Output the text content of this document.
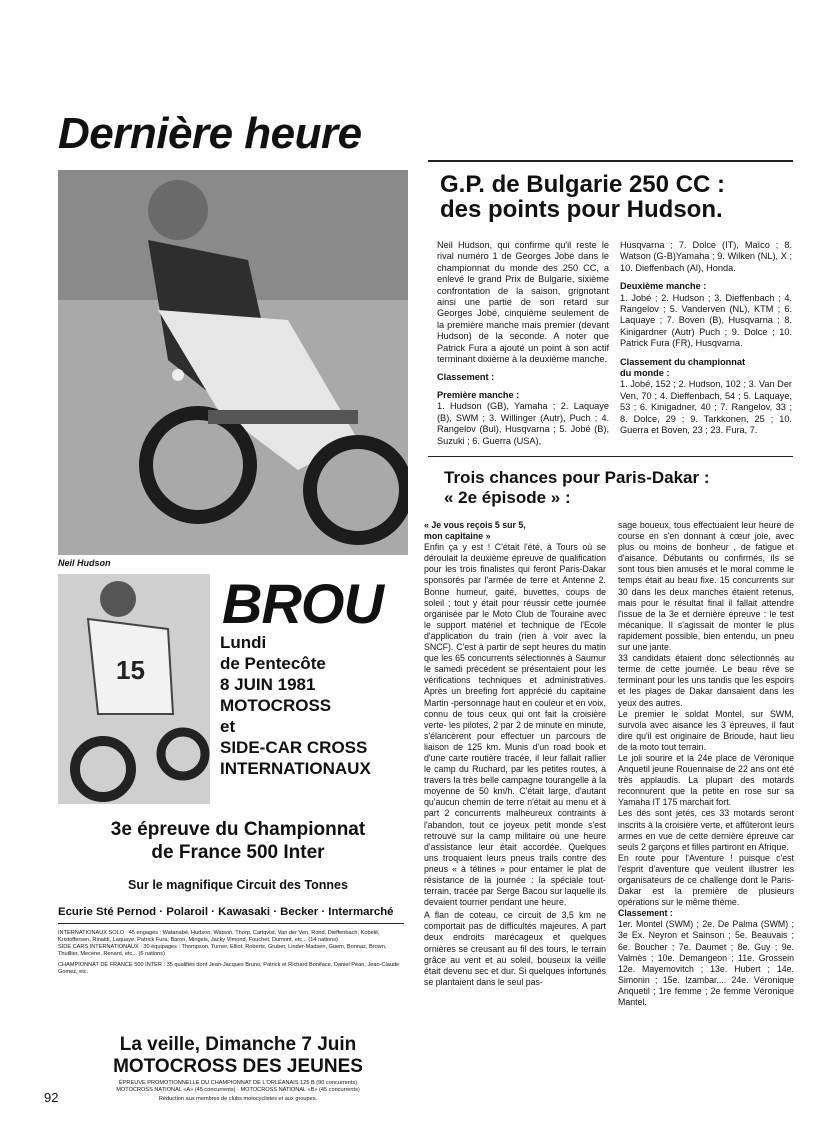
Dernière heure
Neil Hudson
G.P. de Bulgarie 250 CC :
des points pour Hudson.

Neil Hudson, qui confirme qu'il reste le rival numéro 1 de Georges Jobé dans le championnat du monde des 250 CC, a enlevé le grand Prix de Bulgarie, sixième confrontation de la saison, grignotant ainsi une partie de son retard sur Georges Jobé, cinquième seulement de la première manche mais premier (devant Hudson) de la seconde. A noter que Patrick Fura a ajouté un point à son actif terminant dixième à la deuxième manche.

Classement :

Première manche :

1. Hudson (GB), Yamaha ; 2. Laquaye (B), SWM ; 3. Willinger (Autr), Puch ; 4. Rangelov (Bul), Husqvarna ; 5. Jobé (B), Suzuki ; 6. Guerra (USA),

Husqvarna ; 7. Dolce (IT), Maïco ; 8. Watson (G-B)Yamaha ; 9. Wilken (NL), X ; 10. Dieffenbach (Al), Honda.

Deuxième manche :

1. Jobé ; 2. Hudson ; 3. Dieffenbach ; 4. Rangelov ; 5. Vanderven (NL), KTM ; 6. Laquaye ; 7. Boven (B), Husqvarna ; 8. Kinigardner (Autr) Puch ; 9. Dolce ; 10. Patrick Fura (FR), Husqvarna.

Classement du championnat

du monde :

1. Jobé, 152 ; 2. Hudson, 102 ; 3. Van Der Ven, 70 ; 4. Dieffenbach, 54 ; 5. Laquaye, 53 ; 6. Kinigadner, 40 ; 7. Rangelov, 33 ; 8. Dolce, 29 ; 9. Tarkkonen, 25 ; 10. Guerra et Boven, 23 ; 23. Fura, 7.

15
BROU
Lundi
de Pentecôte
8 JUIN 1981
MOTOCROSS
et
SIDE-CAR CROSS
INTERNATIONAUX
3e épreuve du Championnat
de France 500 Inter
Sur le magnifique Circuit des Tonnes
Ecurie Sté Pernod · Polaroil · Kawasaki · Becker · Intermarché
INTERNATIONAUX SOLO : 45 engagés : Watanabé, Hudson, Watson, Thorp, Carlqvist, Van der Ven, Rond, Dieffenbach, Kobelé, Kristoffersen, Rinaldi, Laquaye, Patrick Fura, Baron, Mingels, Jacky Vimond, Fouchet, Dumont, etc... (14 nations)
SIDE CARS INTERNATIONAUX : 30 équipages : Thompson, Turner, Elliot, Roberts, Gruber, Linder-Madsen, Guem, Bonnaz, Brown, Thuillier, Mecene, Renard, etc... (6 nations)
CHAMPIONNAT DE FRANCE 500 INTER : 35 qualifiés dont Jean-Jacques Bruno, Patrick et Richard Boniface, Daniel Péan, Jean-Claude Gomez, etc.
La veille, Dimanche 7 Juin
MOTOCROSS DES JEUNES
ÉPREUVE PROMOTIONNELLE DU CHAMPIONNAT DE L'ORLÉANAIS 125 B (90 concurrents)
MOTOCROSS NATIONAL «A» (45 concurrents) · MOTOCROSS NATIONAL «B» (45 concurrents)
Réduction aux membres de clubs motocyclistes et aux groupes.
Trois chances pour Paris-Dakar :
« 2e épisode » :

« Je vous reçois 5 sur 5,

mon capitaine »

Enfin ça y est ! C'était l'été, à Tours où se déroulait la deuxième épreuve de qualification pour les trois finalistes qui feront Paris-Dakar sponsorés par l'armée de terre et Antenne 2. Bonne humeur, gaité, buvettes, coups de soleil ; tout y était pour réussir cette journée organisée par le Moto Club de Touraine avec le support matériel et technique de l'Ecole d'application du train (rien à voir avec la SNCF). C'est à partir de sept heures du matin que les 65 concurrents sélectionnés à Saumur le samedi précédent se présentaient pour les vérifications techniques et administratives. Après un breefing fort apprécié du capitaine Martin -personnage haut en couleur et en voix, connu de tous ceux qui ont fait la croisière verte- les pilotes, 2 par 2 de minute en minute, s'élancèrent pour effectuer un parcours de liaison de 125 km. Munis d'un road book et d'une carte routière tracée, il leur fallait rallier le camp du Ruchard, par les petites routes, à travers la très belle campagne tourangelle à la moyenne de 50 km/h. C'était large, d'autant qu'aucun chemin de terre n'était au menu et à part 2 concurrents malheureux contraints à l'abandon, tout ce joyeux petit monde s'est retrouvé sur la camp militaire où une heure d'assistance leur était accordée. Quelques uns troquaient leurs pneus trails contre des pneus « à tétines » pour entamer le plat de résistance de la journée : la spéciale tout-terrain, tracée par Serge Bacou sur laquelle ils devaient tourner pendant une heure.

A flan de coteau, ce circuit de 3,5 km ne comportait pas de difficultés majeures. A part deux endroits marécageux et quelques ornières se creusant au fil des tours, le terrain grâce au vent et au soleil, bouseux la veille était devenu sec et dur. Si quelques infortunés se plantaient dans le seul pas-

sage boueux, tous effectuaient leur heure de course en s'en donnant à cœur joie, avec plus ou moins de bonheur , de fatigue et d'aisance. Débutants ou confirmés, ils se sont tous bien amusés et le moral comme le temps était au beau fixe. 15 concurrents sur 30 dans les deux manches étaient retenus, mais pour le résultat final il fallait attendre l'issue de la 3e et dernière épreuve : le test mécanique. Il s'agissait de monter le plus rapidement possible, bien entendu, un pneu sur une jante.

33 candidats étaient donc sélectionnés au terme de cette journée. Le beau rêve se terminant pour les uns tandis que les espoirs et les plages de Dakar dansaient dans les yeux des autres.

Le premier le soldat Montel, sur SWM, survola avec aisance les 3 épreuves, il faut dire qu'il est originaire de Brioude, haut lieu de la moto tout terrain.

Le joli sourire et la 24e place de Véronique Anquetil jeune Rouennaise de 22 ans ont été très applaudis. La plupart des motards reconnurent que la petite en rose sur sa Yamaha IT 175 marchait fort.

Les dés sont jetés, ces 33 motards seront inscrits à la croisière verte, et affûteront leurs armes en vue de cette dernière épreuve car seuls 2 garçons et filles partiront en Afrique.

En route pour l'Aventure ! puisque c'est l'esprit d'aventure que veulent illustrer les organisateurs de ce challenge dont le Paris-Dakar est la première de plusieurs opérations sur le même thème.

Classement :

1er. Montel (SWM) ; 2e. De Palma (SWM) ; 3e Ex. Neyron et Sainson ; 5e. Beauvais ; 6e. Boucher ; 7e. Daumet ; 8e. Guy ; 9e. Valmès ; 10e. Demangeon ; 11e. Grossein 12e. Mayemovitch ; 13e. Hubert ; 14e. Simonin ; 15e. Izambar.... 24e. Véronique Anquetil ; 1re femme ; 2e femme Véronique Mantel.

92
